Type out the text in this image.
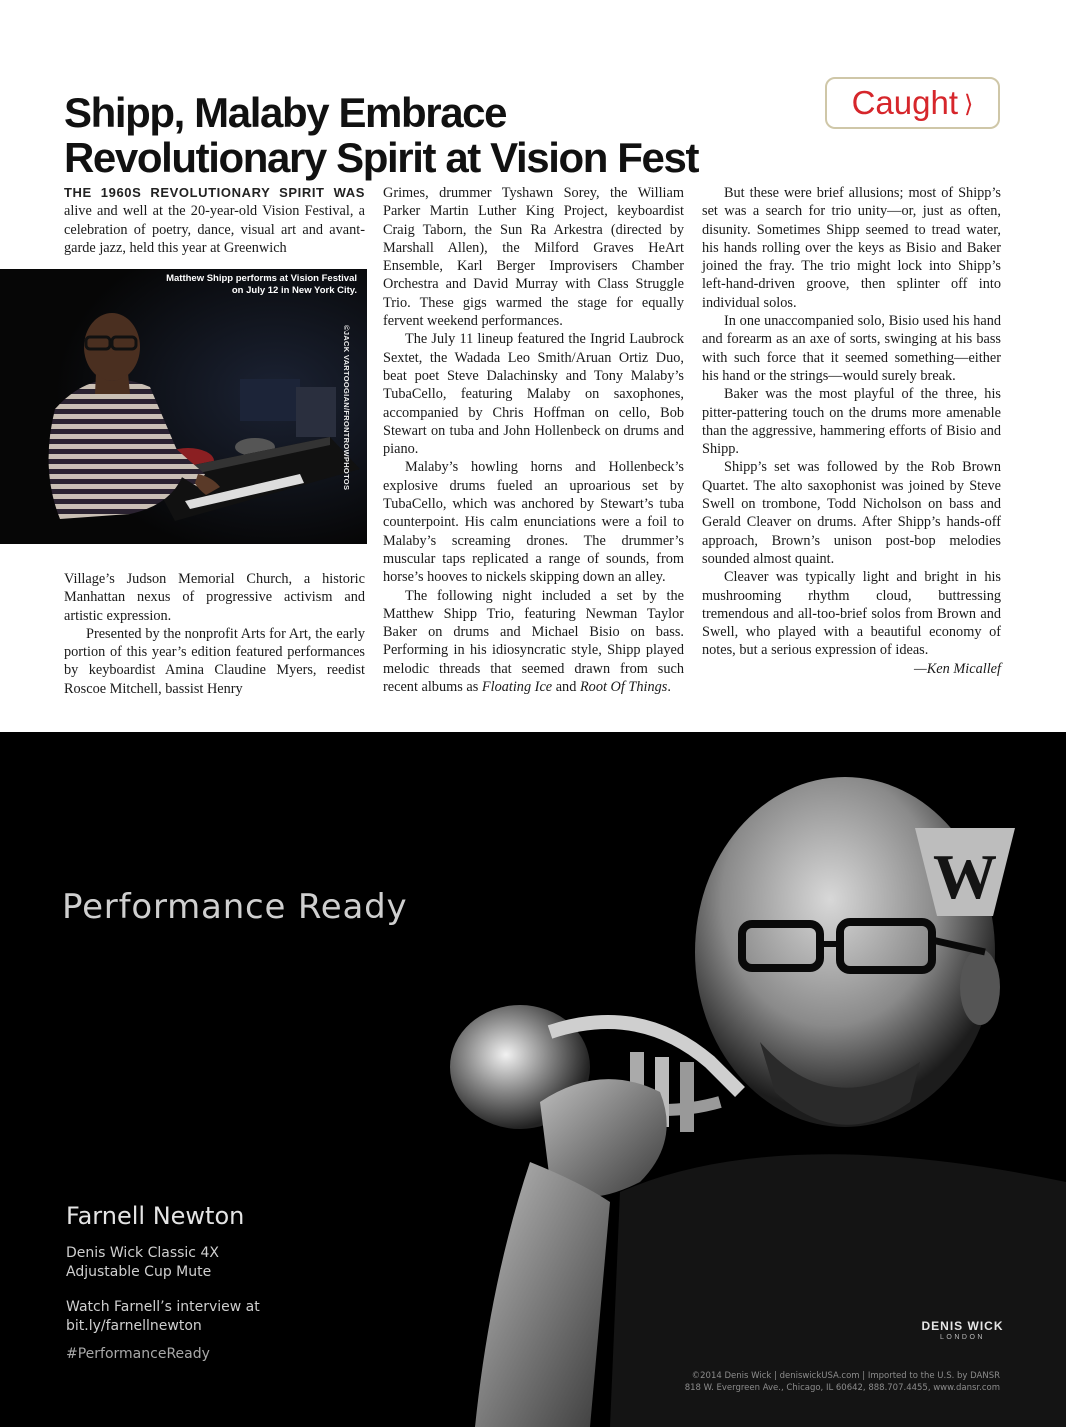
Shipp, Malaby Embrace
Revolutionary Spirit at Vision Fest
Caught ⟩

THE 1960S REVOLUTIONARY SPIRIT WAS alive and well at the 20-year-old Vision Festival, a celebration of poetry, dance, visual art and avant-garde jazz, held this year at Greenwich

Matthew Shipp performs at Vision Festival on July 12 in New York City.
©JACK VARTOOGIAN/FRONTROWPHOTOS

Village’s Judson Memorial Church, a historic Manhattan nexus of progressive activism and artistic expression.

Presented by the nonprofit Arts for Art, the early portion of this year’s edition featured performances by keyboardist Amina Claudine Myers, reedist Roscoe Mitchell, bassist Henry

Grimes, drummer Tyshawn Sorey, the William Parker Martin Luther King Project, keyboardist Craig Taborn, the Sun Ra Arkestra (directed by Marshall Allen), the Milford Graves HeArt Ensemble, Karl Berger Improvisers Chamber Orchestra and David Murray with Class Struggle Trio. These gigs warmed the stage for equally fervent weekend performances.

The July 11 lineup featured the Ingrid Laubrock Sextet, the Wadada Leo Smith/Aruan Ortiz Duo, beat poet Steve Dalachinsky and Tony Malaby’s TubaCello, featuring Malaby on saxophones, accompanied by Chris Hoffman on cello, Bob Stewart on tuba and John Hollenbeck on drums and piano.

Malaby’s howling horns and Hollenbeck’s explosive drums fueled an uproarious set by TubaCello, which was anchored by Stewart’s tuba counterpoint. His calm enunciations were a foil to Malaby’s screaming drones. The drummer’s muscular taps replicated a range of sounds, from horse’s hooves to nickels skipping down an alley.

The following night included a set by the Matthew Shipp Trio, featuring Newman Taylor Baker on drums and Michael Bisio on bass. Performing in his idiosyncratic style, Shipp played melodic threads that seemed drawn from such recent albums as Floating Ice and Root Of Things.

But these were brief allusions; most of Shipp’s set was a search for trio unity—or, just as often, disunity. Sometimes Shipp seemed to tread water, his hands rolling over the keys as Bisio and Baker joined the fray. The trio might lock into Shipp’s left-hand-driven groove, then splinter off into individual solos.

In one unaccompanied solo, Bisio used his hand and forearm as an axe of sorts, swinging at his bass with such force that it seemed something—either his hand or the strings—would surely break.

Baker was the most playful of the three, his pitter-pattering touch on the drums more amenable than the aggressive, hammering efforts of Bisio and Shipp.

Shipp’s set was followed by the Rob Brown Quartet. The alto saxophonist was joined by Steve Swell on trombone, Todd Nicholson on bass and Gerald Cleaver on drums. After Shipp’s hands-off approach, Brown’s unison post-bop melodies sounded almost quaint.

Cleaver was typically light and bright in his mushrooming rhythm cloud, buttressing tremendous and all-too-brief solos from Brown and Swell, who played with a beautiful economy of notes, but a serious expression of ideas.

—Ken Micallef

Performance Ready
Farnell Newton
Denis Wick Classic 4X
Adjustable Cup Mute
Watch Farnell’s interview at
bit.ly/farnellnewton
#PerformanceReady
W
DENIS WICK
LONDON
©2014 Denis Wick | deniswickUSA.com | Imported to the U.S. by DANSR
818 W. Evergreen Ave., Chicago, IL 60642, 888.707.4455, www.dansr.com
